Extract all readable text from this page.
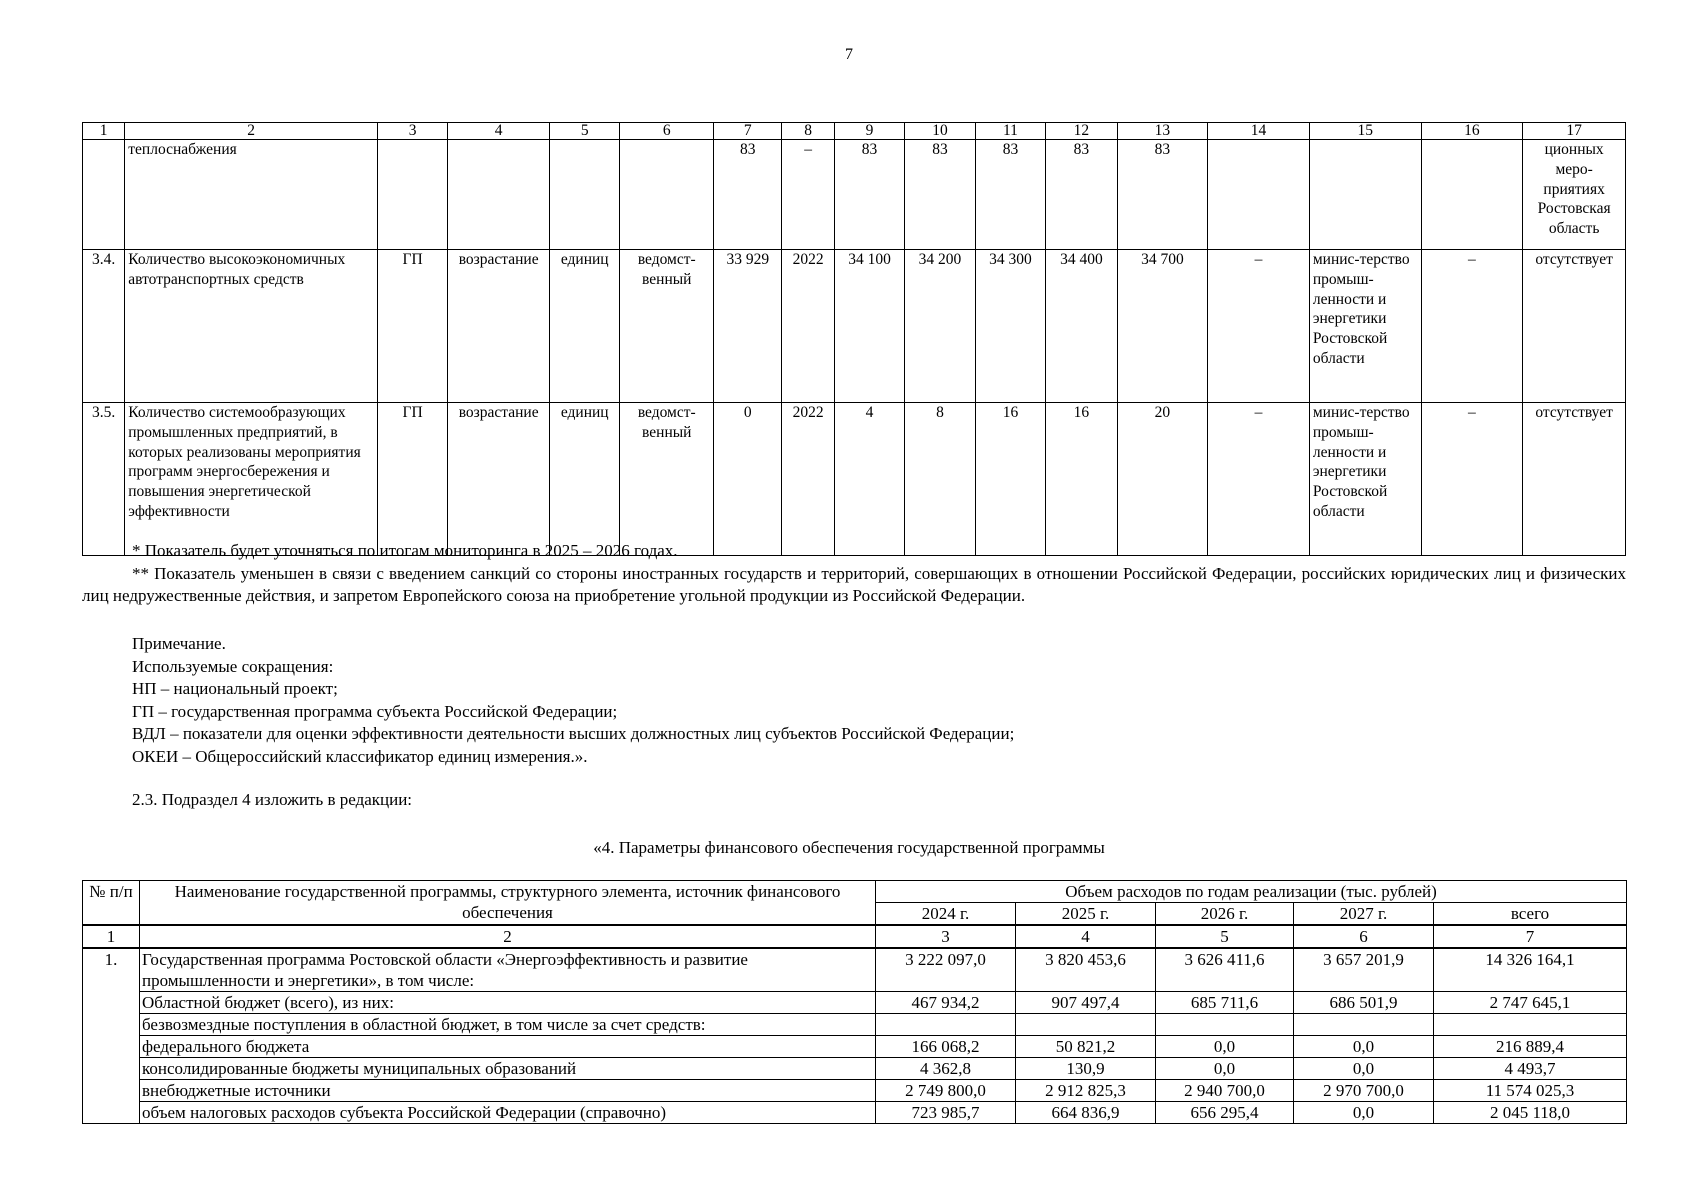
7
1	2	3	4	5	6	7	8	9	10	11	12	13	14	15	16	17
	теплоснабжения					83	–	83	83	83	83	83				ционных меро-приятиях Ростовская область
3.4.	Количество высокоэкономичных автотранспортных средств	ГП	возрастание	единиц	ведомст-венный	33 929	2022	34 100	34 200	34 300	34 400	34 700	–	минис-терство промыш-ленности и энергетики Ростовской области	–	отсутствует
3.5.	Количество системообразующих промышленных предприятий, в которых реализованы мероприятия программ энергосбережения и повышения энергетической эффективности	ГП	возрастание	единиц	ведомст-венный	0	2022	4	8	16	16	20	–	минис-терство промыш-ленности и энергетики Ростовской области	–	отсутствует

* Показатель будет уточняться по итогам мониторинга в 2025 – 2026 годах.

** Показатель уменьшен в связи с введением санкций со стороны иностранных государств и территорий, совершающих в отношении Российской Федерации, российских юридических лиц и физических лиц недружественные действия, и запретом Европейского союза на приобретение угольной продукции из Российской Федерации.

Примечание.
Используемые сокращения:
НП – национальный проект;
ГП – государственная программа субъекта Российской Федерации;
ВДЛ – показатели для оценки эффективности деятельности высших должностных лиц субъектов Российской Федерации;
ОКЕИ – Общероссийский классификатор единиц измерения.».
2.3. Подраздел 4 изложить в редакции:
«4. Параметры финансового обеспечения государственной программы
№ п/п	Наименование государственной программы, структурного элемента, источник финансового обеспечения	Объем расходов по годам реализации (тыс. рублей)				
		2024 г.	2025 г.	2026 г.	2027 г.	всего
1	2	3	4	5	6	7
1.	Государственная программа Ростовской области «Энергоэффективность и развитие промышленности и энергетики», в том числе:	3 222 097,0	3 820 453,6	3 626 411,6	3 657 201,9	14 326 164,1
	Областной бюджет (всего), из них:	467 934,2	907 497,4	685 711,6	686 501,9	2 747 645,1
	безвозмездные поступления в областной бюджет, в том числе за счет средств:					
	федерального бюджета	166 068,2	50 821,2	0,0	0,0	216 889,4
	консолидированные бюджеты муниципальных образований	4 362,8	130,9	0,0	0,0	4 493,7
	внебюджетные источники	2 749 800,0	2 912 825,3	2 940 700,0	2 970 700,0	11 574 025,3
	объем налоговых расходов субъекта Российской Федерации (справочно)	723 985,7	664 836,9	656 295,4	0,0	2 045 118,0
